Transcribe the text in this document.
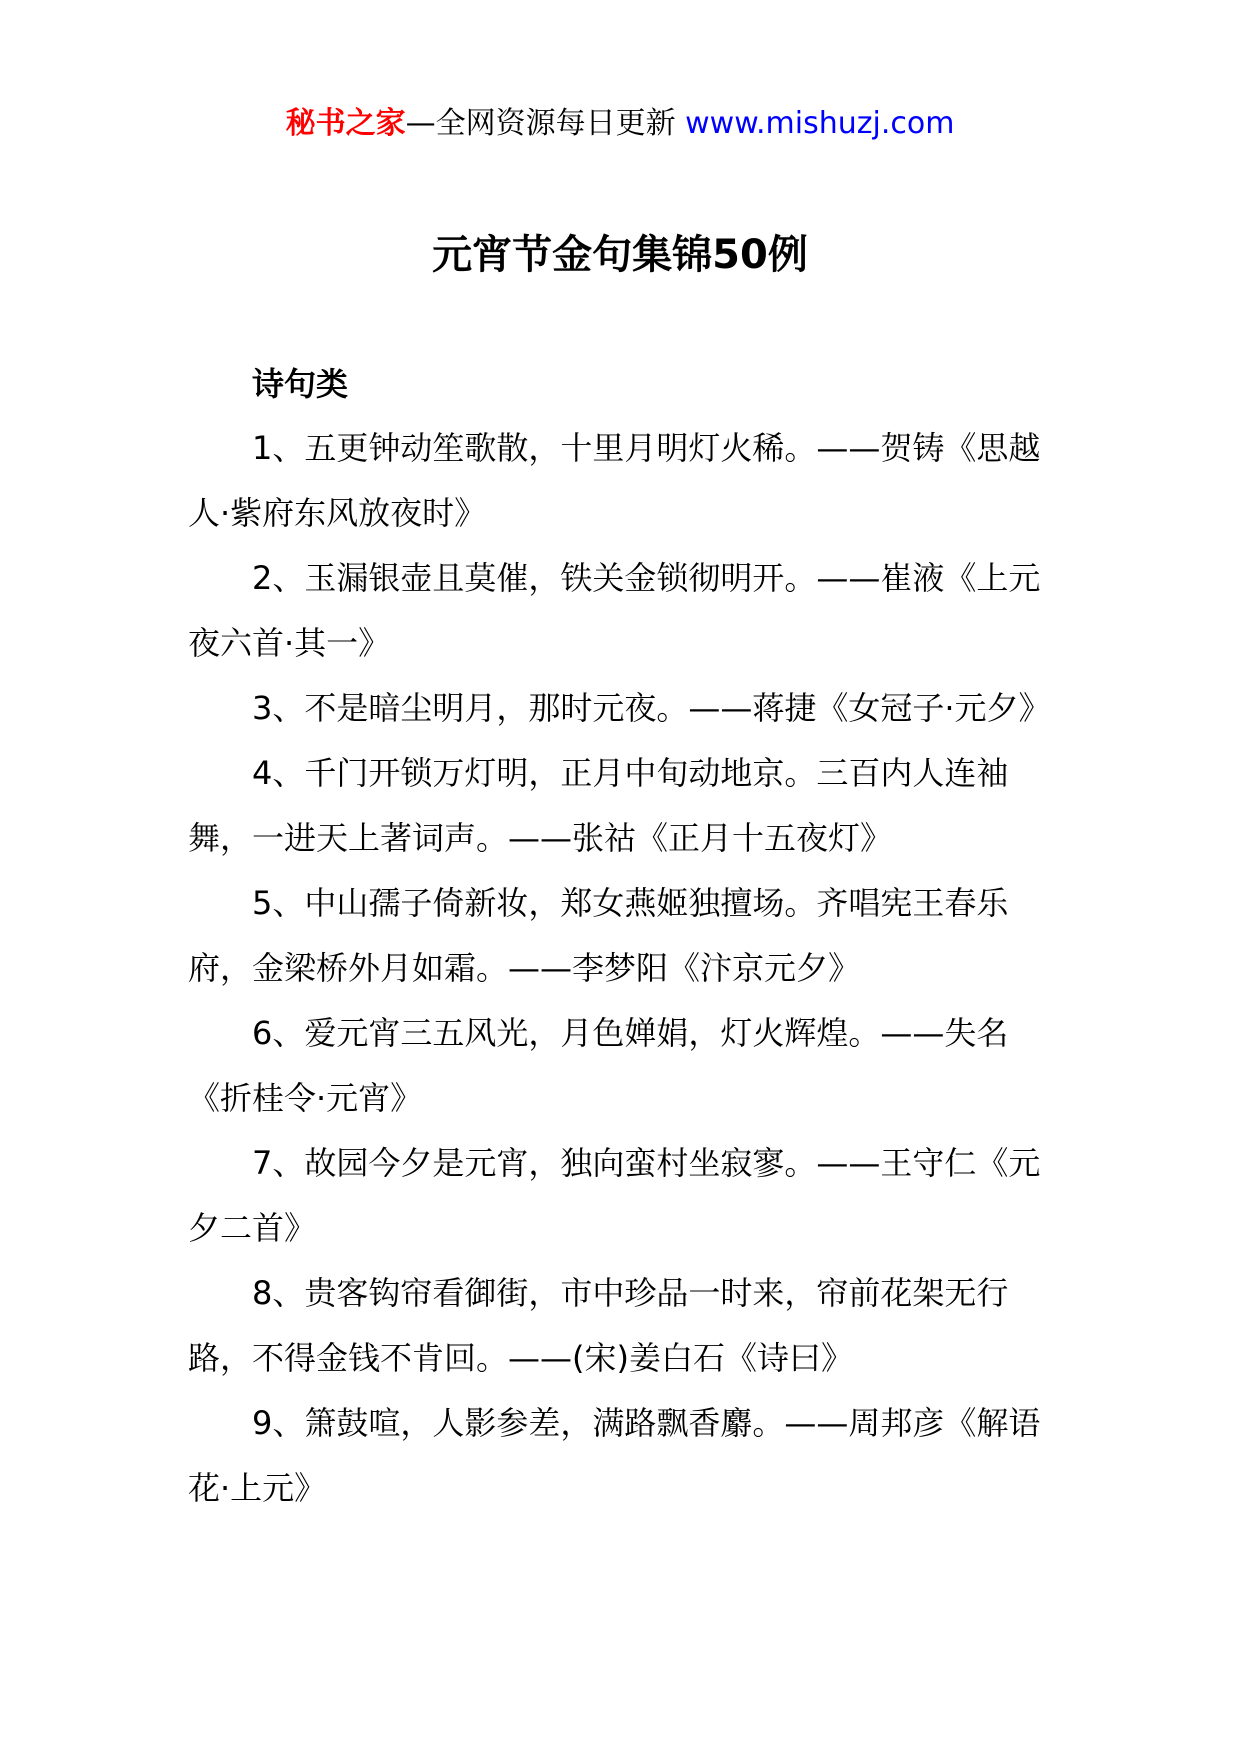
秘书之家—全网资源每日更新 www.mishuzj.com
元宵节金句集锦50例

诗句类

1、五更钟动笙歌散，十里月明灯火稀。——贺铸《思越人·紫府东风放夜时》

2、玉漏银壶且莫催，铁关金锁彻明开。——崔液《上元夜六首·其一》

3、不是暗尘明月，那时元夜。——蒋捷《女冠子·元夕》

4、千门开锁万灯明，正月中旬动地京。三百内人连袖舞，一进天上著词声。——张祜《正月十五夜灯》

5、中山孺子倚新妆，郑女燕姬独擅场。齐唱宪王春乐府，金梁桥外月如霜。——李梦阳《汴京元夕》

6、爱元宵三五风光，月色婵娟，灯火辉煌。——失名《折桂令·元宵》

7、故园今夕是元宵，独向蛮村坐寂寥。——王守仁《元夕二首》

8、贵客钩帘看御街，市中珍品一时来，帘前花架无行路，不得金钱不肯回。——(宋)姜白石《诗曰》

9、箫鼓喧，人影参差，满路飘香麝。——周邦彦《解语花·上元》
